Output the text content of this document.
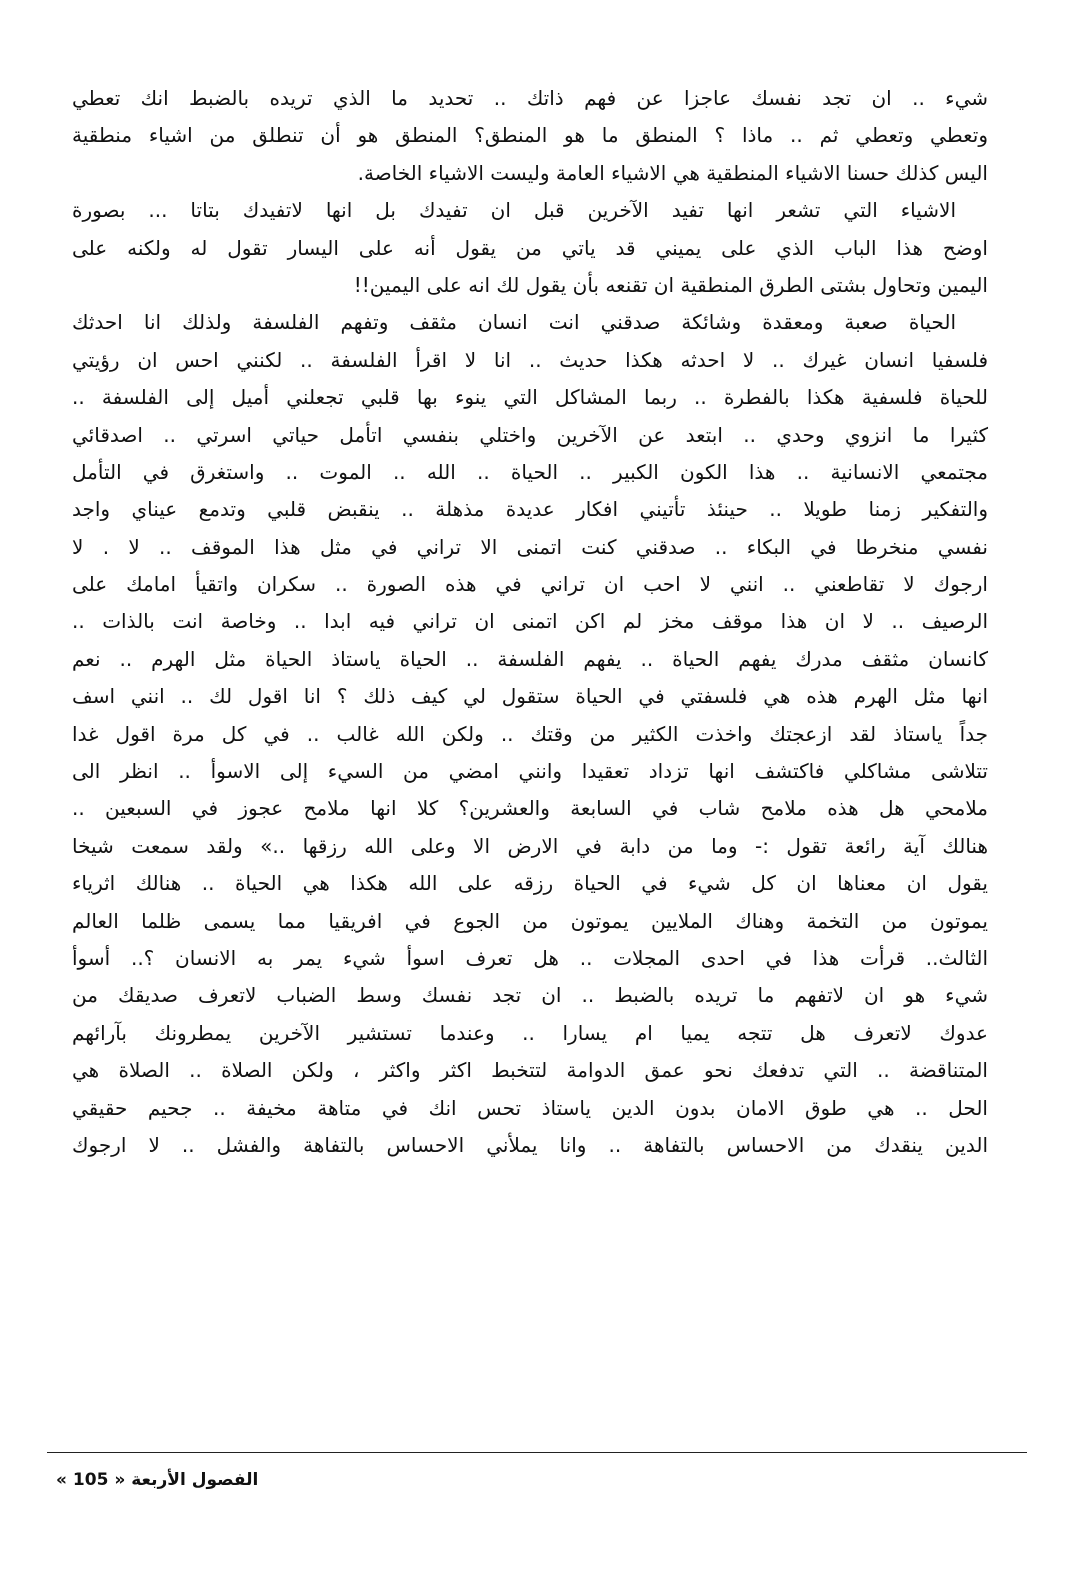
شيء .. ان تجد نفسك عاجزا عن فهم ذاتك .. تحديد ما الذي تريده بالضبط انك تعطي
وتعطي وتعطي ثم .. ماذا ؟ المنطق ما هو المنطق؟ المنطق هو أن تنطلق من اشياء منطقية
اليس كذلك حسنا الاشياء المنطقية هي الاشياء العامة وليست الاشياء الخاصة.
الاشياء التي تشعر انها تفيد الآخرين قبل ان تفيدك بل انها لاتفيدك بتاتا ... بصورة
اوضح هذا الباب الذي على يميني قد ياتي من يقول أنه على اليسار تقول له ولكنه على
اليمين وتحاول بشتى الطرق المنطقية ان تقنعه بأن يقول لك انه على اليمين!!
الحياة صعبة ومعقدة وشائكة صدقني انت انسان مثقف وتفهم الفلسفة ولذلك انا احدثك
فلسفيا انسان غيرك .. لا احدثه هكذا حديث .. انا لا اقرأ الفلسفة .. لكنني احس ان رؤيتي
للحياة فلسفية هكذا بالفطرة .. ربما المشاكل التي ينوء بها قلبي تجعلني أميل إلى الفلسفة ..
كثيرا ما انزوي وحدي .. ابتعد عن الآخرين واختلي بنفسي اتأمل حياتي اسرتي .. اصدقائي
مجتمعي الانسانية .. هذا الكون الكبير .. الحياة .. الله .. الموت .. واستغرق في التأمل
والتفكير زمنا طويلا .. حينئذ تأتيني افكار عديدة مذهلة .. ينقبض قلبي وتدمع عيناي واجد
نفسي منخرطا في البكاء .. صدقني كنت اتمنى الا تراني في مثل هذا الموقف .. لا . لا
ارجوك لا تقاطعني .. انني لا احب ان تراني في هذه الصورة .. سكران واتقيأ امامك على
الرصيف .. لا ان هذا موقف مخز لم اكن اتمنى ان تراني فيه ابدا .. وخاصة انت بالذات ..
كانسان مثقف مدرك يفهم الحياة .. يفهم الفلسفة .. الحياة ياستاذ الحياة مثل الهرم .. نعم
انها مثل الهرم هذه هي فلسفتي في الحياة ستقول لي كيف ذلك ؟ انا اقول لك .. انني اسف
جداً ياستاذ لقد ازعجتك واخذت الكثير من وقتك .. ولكن الله غالب .. في كل مرة اقول غدا
تتلاشى مشاكلي فاكتشف انها تزداد تعقيدا وانني امضي من السيء إلى الاسوأ .. انظر الى
ملامحي هل هذه ملامح شاب في السابعة والعشرين؟ كلا انها ملامح عجوز في السبعين ..
هنالك آية رائعة تقول :- وما من دابة في الارض الا وعلى الله رزقها ..» ولقد سمعت شيخا
يقول ان معناها ان كل شيء في الحياة رزقه على الله هكذا هي الحياة .. هنالك اثرياء
يموتون من التخمة وهناك الملايين يموتون من الجوع في افريقيا مما يسمى ظلما العالم
الثالث.. قرأت هذا في احدى المجلات .. هل تعرف اسوأ شيء يمر به الانسان ؟.. أسوأ
شيء هو ان لاتفهم ما تريده بالضبط .. ان تجد نفسك وسط الضباب لاتعرف صديقك من
عدوك لاتعرف هل تتجه يميا ام يسارا .. وعندما تستشير الآخرين يمطرونك بآرائهم
المتناقضة .. التي تدفعك نحو عمق الدوامة لتتخبط اكثر واكثر ، ولكن الصلاة .. الصلاة هي
الحل .. هي طوق الامان بدون الدين ياستاذ تحس انك في متاهة مخيفة .. جحيم حقيقي
الدين ينقدك من الاحساس بالتفاهة .. وانا يملأني الاحساس بالتفاهة والفشل .. لا ارجوك
الفصول الأربعة « 105 »
